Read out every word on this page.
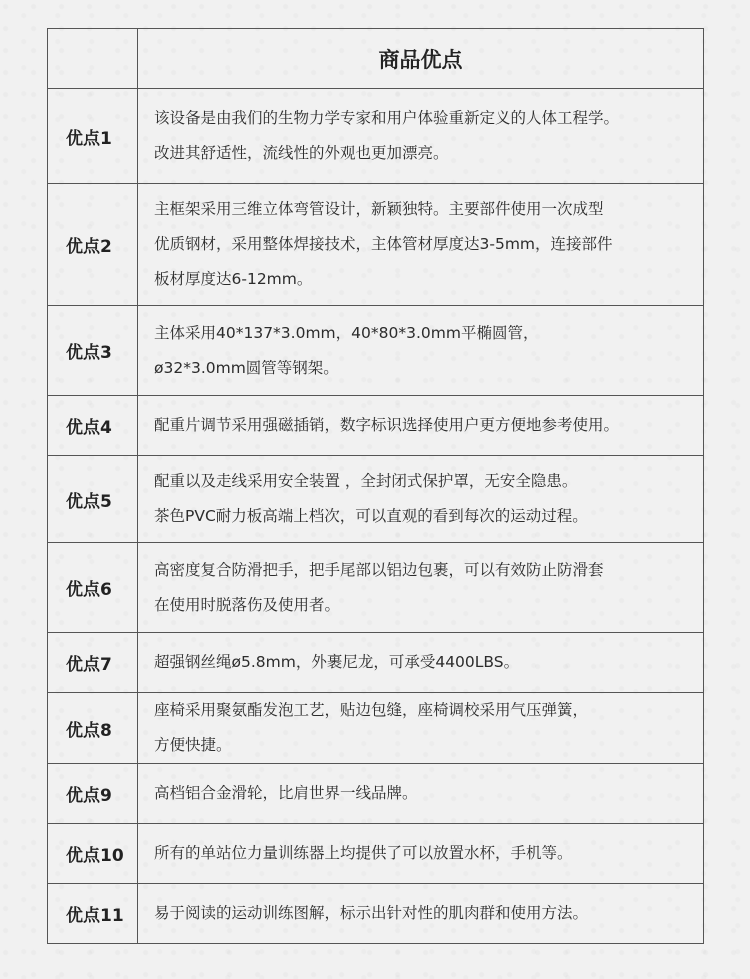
	商品优点
优点1	该设备是由我们的生物力学专家和用户体验重新定义的人体工程学。
改进其舒适性，流线性的外观也更加漂亮。

优点2	主框架采用三维立体弯管设计，新颖独特。主要部件使用一次成型
优质钢材，采用整体焊接技术，主体管材厚度达3-5mm，连接部件
板材厚度达6-12mm。

优点3	主体采用40*137*3.0mm，40*80*3.0mm平椭圆管，
ø32*3.0mm圆管等钢架。

优点4	配重片调节采用强磁插销，数字标识选择使用户更方便地参考使用。

优点5	配重以及走线采用安全装置 ，全封闭式保护罩，无安全隐患。
茶色PVC耐力板高端上档次，可以直观的看到每次的运动过程。

优点6	高密度复合防滑把手，把手尾部以铝边包裹，可以有效防止防滑套
在使用时脱落伤及使用者。

优点7	超强钢丝绳ø5.8mm，外裹尼龙，可承受4400LBS。

优点8	座椅采用聚氨酯发泡工艺，贴边包缝，座椅调校采用气压弹簧，
方便快捷。

优点9	高档铝合金滑轮，比肩世界一线品牌。

优点10	所有的单站位力量训练器上均提供了可以放置水杯，手机等。

优点11	易于阅读的运动训练图解，标示出针对性的肌肉群和使用方法。
